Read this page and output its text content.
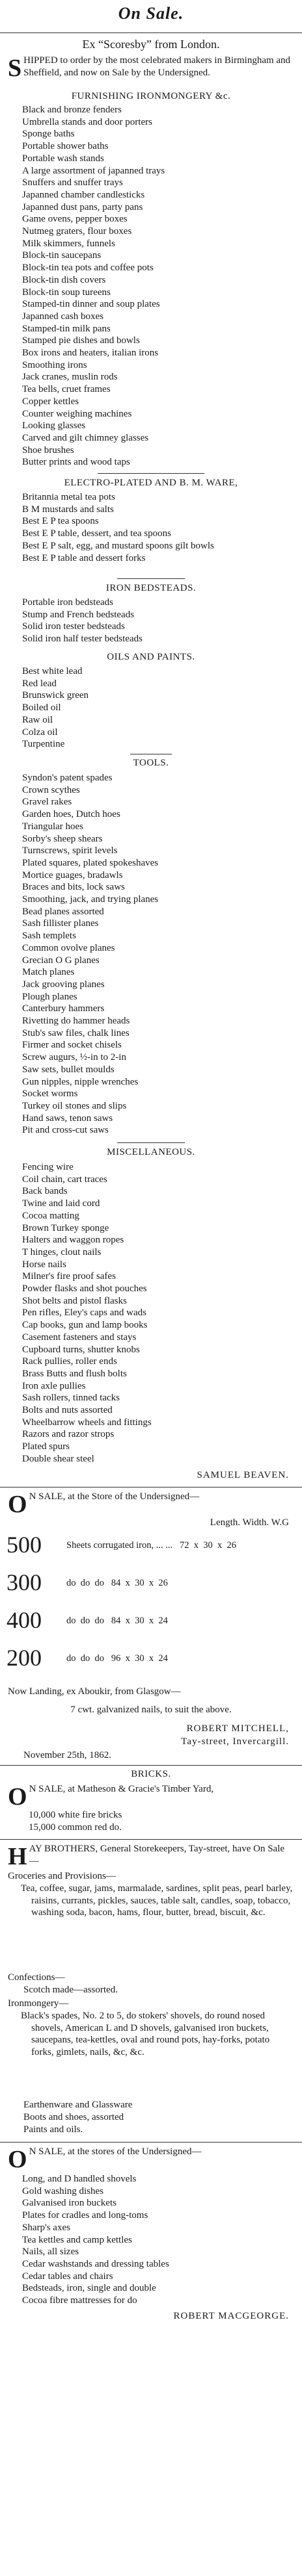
On Sale.
Ex “Scoresby” from London.
S HIPPED to order by the most celebrated makers in Birmingham and Sheffield, and now on Sale by the Undersigned.
FURNISHING IRONMONGERY &c.
Black and bronze fenders
Umbrella stands and door porters
Sponge baths
Portable shower baths
Portable wash stands
A large assortment of japanned trays
Snuffers and snuffer trays
Japanned chamber candlesticks
Japanned dust pans, party pans
Game ovens, pepper boxes
Nutmeg graters, flour boxes
Milk skimmers, funnels
Block-tin saucepans
Block-tin tea pots and coffee pots
Block-tin dish covers
Block-tin soup tureens
Stamped-tin dinner and soup plates
Japanned cash boxes
Stamped-tin milk pans
Stamped pie dishes and bowls
Box irons and heaters, italian irons
Smoothing irons
Jack cranes, muslin rods
Tea bells, cruet frames
Copper kettles
Counter weighing machines
Looking glasses
Carved and gilt chimney glasses
Shoe brushes
Butter prints and wood taps
ELECTRO-PLATED AND B. M. WARE,
Britannia metal tea pots
B M mustards and salts
Best E P tea spoons
Best E P table, dessert, and tea spoons
Best E P salt, egg, and mustard spoons gilt bowls
Best E P table and dessert forks
IRON BEDSTEADS.
Portable iron bedsteads
Stump and French bedsteads
Solid iron tester bedsteads
Solid iron half tester bedsteads
OILS AND PAINTS.
Best white lead
Red lead
Brunswick green
Boiled oil
Raw oil
Colza oil
Turpentine
TOOLS.
Syndon's patent spades
Crown scythes
Gravel rakes
Garden hoes, Dutch hoes
Triangular hoes
Sorby's sheep shears
Turnscrews, spirit levels
Plated squares, plated spokeshaves
Mortice guages, bradawls
Braces and bits, lock saws
Smoothing, jack, and trying planes
Bead planes assorted
Sash fillister planes
Sash templets
Common ovolve planes
Grecian O G planes
Match planes
Jack grooving planes
Plough planes
Canterbury hammers
Rivetting do hammer heads
Stub's saw files, chalk lines
Firmer and socket chisels
Screw augurs, ½-in to 2-in
Saw sets, bullet moulds
Gun nipples, nipple wrenches
Socket worms
Turkey oil stones and slips
Hand saws, tenon saws
Pit and cross-cut saws
MISCELLANEOUS.
Fencing wire
Coil chain, cart traces
Back bands
Twine and laid cord
Cocoa matting
Brown Turkey sponge
Halters and waggon ropes
T hinges, clout nails
Horse nails
Milner's fire proof safes
Powder flasks and shot pouches
Shot belts and pistol flasks
Pen rifles, Eley's caps and wads
Cap books, gun and lamp books
Casement fasteners and stays
Cupboard turns, shutter knobs
Rack pullies, roller ends
Brass Butts and flush bolts
Iron axle pullies
Sash rollers, tinned tacks
Bolts and nuts assorted
Wheelbarrow wheels and fittings
Razors and razor strops
Plated spurs
Double shear steel
SAMUEL BEAVEN.
O N SALE, at the Store of the Undersigned—
Length. Width. W.G
500	Sheets corrugated iron, ... ...   72  x  30  x  26
300	do  do  do   84  x  30  x  26
400	do  do  do   84  x  30  x  24
200	do  do  do   96  x  30  x  24
Now Landing, ex Aboukir, from Glasgow—
7 cwt. galvanized nails, to suit the above.
ROBERT MITCHELL,
Tay-street, Invercargill.
November 25th, 1862.
BRICKS.
O N SALE, at Matheson & Gracie's Timber Yard,
10,000 white fire bricks
15,000 common red do.
H AY BROTHERS, General Storekeepers, Tay-street, have On Sale—
Groceries and Provisions—
Tea, coffee, sugar, jams, marmalade, sardines, split peas, pearl barley, raisins, currants, pickles, sauces, table salt, candles, soap, tobacco, washing soda, bacon, hams, flour, butter, bread, biscuit, &c.
Confections—
Scotch made—assorted.
Ironmongery—
Black's spades, No. 2 to 5, do stokers' shovels, do round nosed shovels, American L and D shovels, galvanised iron buckets, saucepans, tea-kettles, oval and round pots, hay-forks, potato forks, gimlets, nails, &c, &c.
Earthenware and Glassware
Boots and shoes, assorted
Paints and oils.
O N SALE, at the stores of the Undersigned—
Long, and D handled shovels
Gold washing dishes
Galvanised iron buckets
Plates for cradles and long-toms
Sharp's axes
Tea kettles and camp kettles
Nails, all sizes
Cedar washstands and dressing tables
Cedar tables and chairs
Bedsteads, iron, single and double
Cocoa fibre mattresses for do
ROBERT MACGEORGE.
